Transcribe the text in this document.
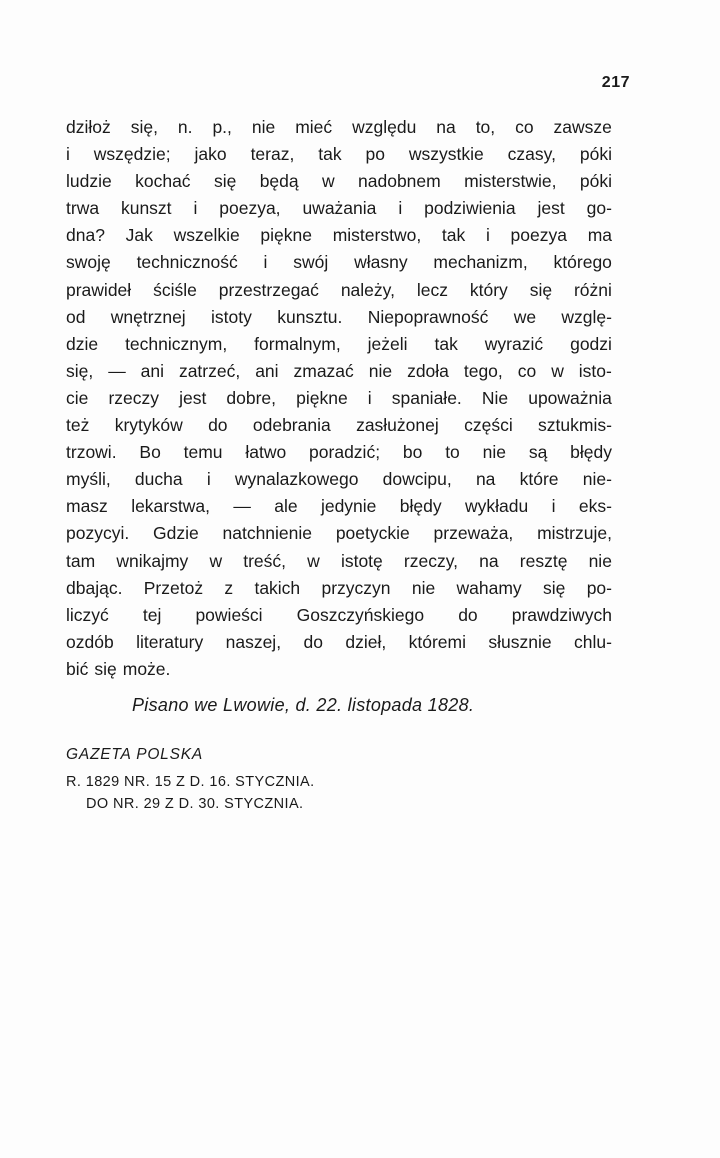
217
dziłoż się, n. p., nie mieć względu na to, co zawsze
i wszędzie; jako teraz, tak po wszystkie czasy, póki
ludzie kochać się będą w nadobnem misterstwie, póki
trwa kunszt i poezya, uważania i podziwienia jest go-
dna? Jak wszelkie piękne misterstwo, tak i poezya ma
swoję techniczność i swój własny mechanizm, którego
prawideł ściśle przestrzegać należy, lecz który się różni
od wnętrznej istoty kunsztu. Niepoprawność we wzglę-
dzie technicznym, formalnym, jeżeli tak wyrazić godzi
się, — ani zatrzeć, ani zmazać nie zdoła tego, co w isto-
cie rzeczy jest dobre, piękne i spaniałe. Nie upoważnia
też krytyków do odebrania zasłużonej części sztukmis-
trzowi. Bo temu łatwo poradzić; bo to nie są błędy
myśli, ducha i wynalazkowego dowcipu, na które nie-
masz lekarstwa, — ale jedynie błędy wykładu i eks-
pozycyi. Gdzie natchnienie poetyckie przeważa, mistrzuje,
tam wnikajmy w treść, w istotę rzeczy, na resztę nie
dbając. Przetoż z takich przyczyn nie wahamy się po-
liczyć tej powieści Goszczyńskiego do prawdziwych
ozdób literatury naszej, do dzieł, któremi słusznie chlu-
bić się może.
Pisano we Lwowie, d. 22. listopada 1828.
GAZETA POLSKA
R. 1829 NR. 15 Z D. 16. STYCZNIA.
DO NR. 29 Z D. 30. STYCZNIA.
